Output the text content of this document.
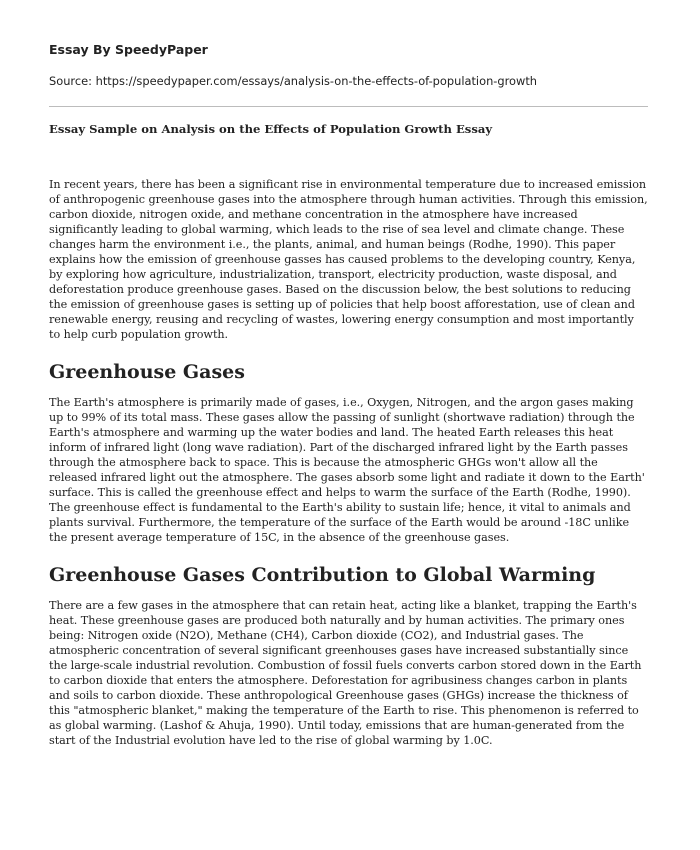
Essay By SpeedyPaper
Source: https://speedypaper.com/essays/analysis-on-the-effects-of-population-growth
Essay Sample on Analysis on the Effects of Population Growth Essay

In recent years, there has been a significant rise in environmental temperature due to increased emission of anthropogenic greenhouse gases into the atmosphere through human activities. Through this emission, carbon dioxide, nitrogen oxide, and methane concentration in the atmosphere have increased significantly leading to global warming, which leads to the rise of sea level and climate change. These changes harm the environment i.e., the plants, animal, and human beings (Rodhe, 1990). This paper explains how the emission of greenhouse gasses has caused problems to the developing country, Kenya, by exploring how agriculture, industrialization, transport, electricity production, waste disposal, and deforestation produce greenhouse gases. Based on the discussion below, the best solutions to reducing the emission of greenhouse gases is setting up of policies that help boost afforestation, use of clean and renewable energy, reusing and recycling of wastes, lowering energy consumption and most importantly to help curb population growth.

Greenhouse Gases

The Earth's atmosphere is primarily made of gases, i.e., Oxygen, Nitrogen, and the argon gases making up to 99% of its total mass. These gases allow the passing of sunlight (shortwave radiation) through the Earth's atmosphere and warming up the water bodies and land. The heated Earth releases this heat inform of infrared light (long wave radiation). Part of the discharged infrared light by the Earth passes through the atmosphere back to space. This is because the atmospheric GHGs won't allow all the released infrared light out the atmosphere. The gases absorb some light and radiate it down to the Earth' surface. This is called the greenhouse effect and helps to warm the surface of the Earth (Rodhe, 1990). The greenhouse effect is fundamental to the Earth's ability to sustain life; hence, it vital to animals and plants survival. Furthermore, the temperature of the surface of the Earth would be around -18C unlike the present average temperature of 15C, in the absence of the greenhouse gases.

Greenhouse Gases Contribution to Global Warming

There are a few gases in the atmosphere that can retain heat, acting like a blanket, trapping the Earth's heat. These greenhouse gases are produced both naturally and by human activities. The primary ones being: Nitrogen oxide (N2O), Methane (CH4), Carbon dioxide (CO2), and Industrial gases. The atmospheric concentration of several significant greenhouses gases have increased substantially since the large-scale industrial revolution. Combustion of fossil fuels converts carbon stored down in the Earth to carbon dioxide that enters the atmosphere. Deforestation for agribusiness changes carbon in plants and soils to carbon dioxide. These anthropological Greenhouse gases (GHGs) increase the thickness of this "atmospheric blanket," making the temperature of the Earth to rise. This phenomenon is referred to as global warming. (Lashof & Ahuja, 1990). Until today, emissions that are human-generated from the start of the Industrial evolution have led to the rise of global warming by 1.0C.
